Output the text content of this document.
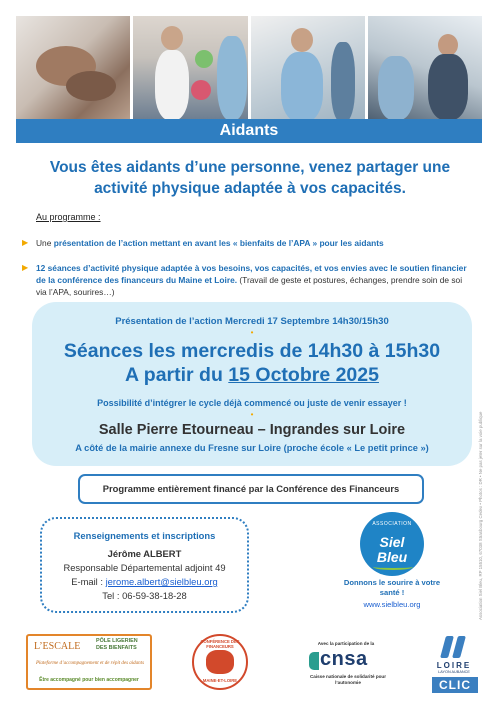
Aidants
Vous êtes aidants d’une personne, venez partager une
activité physique adaptée à vos capacités.
Au programme :
▶ Une présentation de l’action mettant en avant les « bienfaits de l’APA » pour les aidants
▶ 12 séances d’activité physique adaptée à vos besoins, vos capacités, et vos envies avec le soutien financier de la conférence des financeurs du Maine et Loire. (Travail de geste et postures, échanges, prendre soin de soi via l’APA, sourires…)
Présentation de l’action Mercredi 17 Septembre 14h30/15h30
•
Séances les mercredis de 14h30 à 15h30
A partir du 15 Octobre 2025
Possibilité d’intégrer le cycle déjà commencé ou juste de venir essayer !
•
Salle Pierre Etourneau – Ingrandes sur Loire
A côté de la mairie annexe du Fresne sur Loire (proche école « Le petit prince »)
Programme entièrement financé par la Conférence des Financeurs
Renseignements et inscriptions
Jérôme ALBERT
Responsable Départemental adjoint 49
E-mail : jerome.albert@sielbleu.org
Tel : 06-59-38-18-28
ASSOCIATION
Siel
Bleu
Donnons le sourire à votre santé !
www.sielbleu.org	Association Siel Bleu, RP 15510, 67038 Strasbourg Cedex • Photos : DR • Ne pas jeter sur la voie publique
L’ESCALE	PÔLE LIGERIEN DES BIENFAITS
Plateforme d’accompagnement et de répit des aidants
Être accompagné pour bien accompagner
CONFÉRENCE DES FINANCEURS
MAINE-ET-LOIRE
Avec la participation de la
cnsa
Caisse nationale de solidarité pour l’autonomie
LOIRE
LAYON AUBANCE
CLIC
